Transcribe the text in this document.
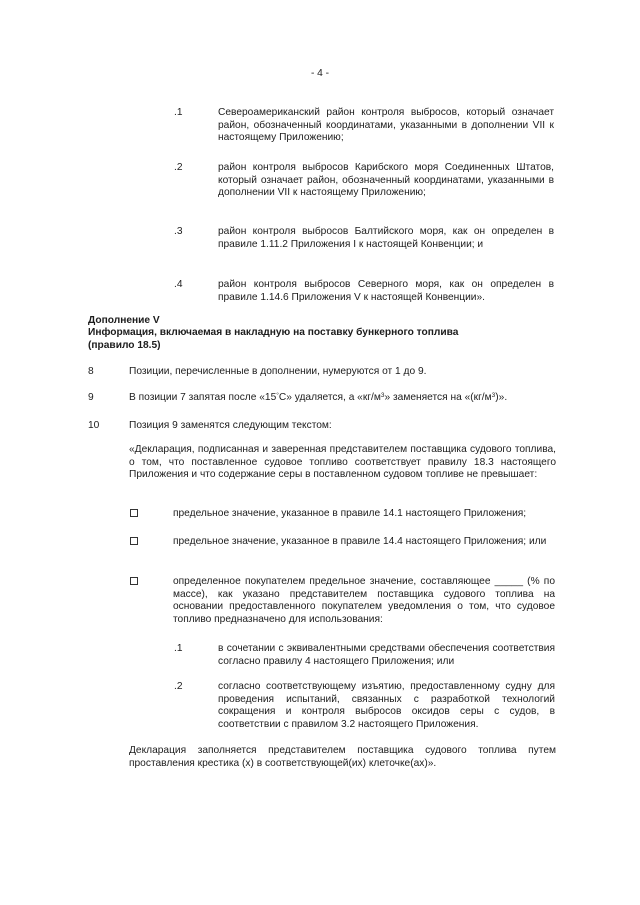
- 4 -
.1	Североамериканский район контроля выбросов, который означает район, обозначенный координатами, указанными в дополнении VII к настоящему Приложению;
.2	район контроля выбросов Карибского моря Соединенных Штатов, который означает район, обозначенный координатами, указанными в дополнении VII к настоящему Приложению;
.3	район контроля выбросов Балтийского моря, как он определен в правиле 1.11.2 Приложения I к настоящей Конвенции; и
.4	район контроля выбросов Северного моря, как он определен в правиле 1.14.6 Приложения V к настоящей Конвенции».
Дополнение V
Информация, включаемая в накладную на поставку бункерного топлива
(правило 18.5)
8	Позиции, перечисленные в дополнении, нумеруются от 1 до 9.
9	В позиции 7 запятая после «15°С» удаляется, а «$кг/м^3$» заменяется на «$(кг/м^3)$».
10	Позиция 9 заменятся следующим текстом:
«Декларация, подписанная и заверенная представителем поставщика судового топлива, о том, что поставленное судовое топливо соответствует правилу 18.3 настоящего Приложения и что содержание серы в поставленном судовом топливе не превышает:
предельное значение, указанное в правиле 14.1 настоящего Приложения;
предельное значение, указанное в правиле 14.4 настоящего Приложения; или
определенное покупателем предельное значение, составляющее _____ (% по массе), как указано представителем поставщика судового топлива на основании предоставленного покупателем уведомления о том, что судовое топливо предназначено для использования:
.1	в сочетании с эквивалентными средствами обеспечения соответствия согласно правилу 4 настоящего Приложения; или
.2	согласно соответствующему изъятию, предоставленному судну для проведения испытаний, связанных с разработкой технологий сокращения и контроля выбросов оксидов серы с судов, в соответствии с правилом 3.2 настоящего Приложения.
Декларация заполняется представителем поставщика судового топлива путем проставления крестика (х) в соответствующей(их) клеточке(ах)».
